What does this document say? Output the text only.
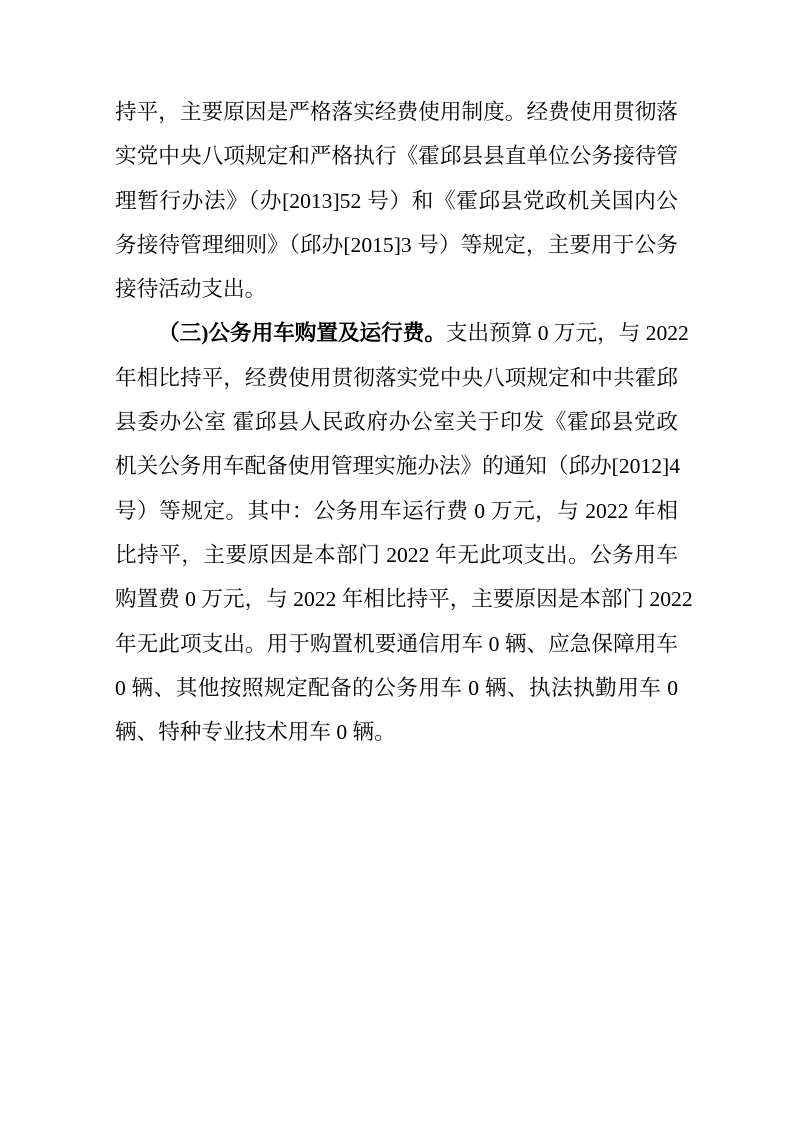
持平，主要原因是严格落实经费使用制度。经费使用贯彻落
实党中央八项规定和严格执行《霍邱县县直单位公务接待管
理暂行办法》（办[2013]52 号）和《霍邱县党政机关国内公
务接待管理细则》（邱办[2015]3 号）等规定，主要用于公务
接待活动支出。
（三)公务用车购置及运行费。支出预算 0 万元，与 2022
年相比持平，经费使用贯彻落实党中央八项规定和中共霍邱
县委办公室 霍邱县人民政府办公室关于印发《霍邱县党政
机关公务用车配备使用管理实施办法》的通知（邱办[2012]4
号）等规定。其中：公务用车运行费 0 万元，与 2022 年相
比持平，主要原因是本部门 2022 年无此项支出。公务用车
购置费 0 万元，与 2022 年相比持平，主要原因是本部门 2022
年无此项支出。用于购置机要通信用车 0 辆、应急保障用车
0 辆、其他按照规定配备的公务用车 0 辆、执法执勤用车 0
辆、特种专业技术用车 0 辆。
